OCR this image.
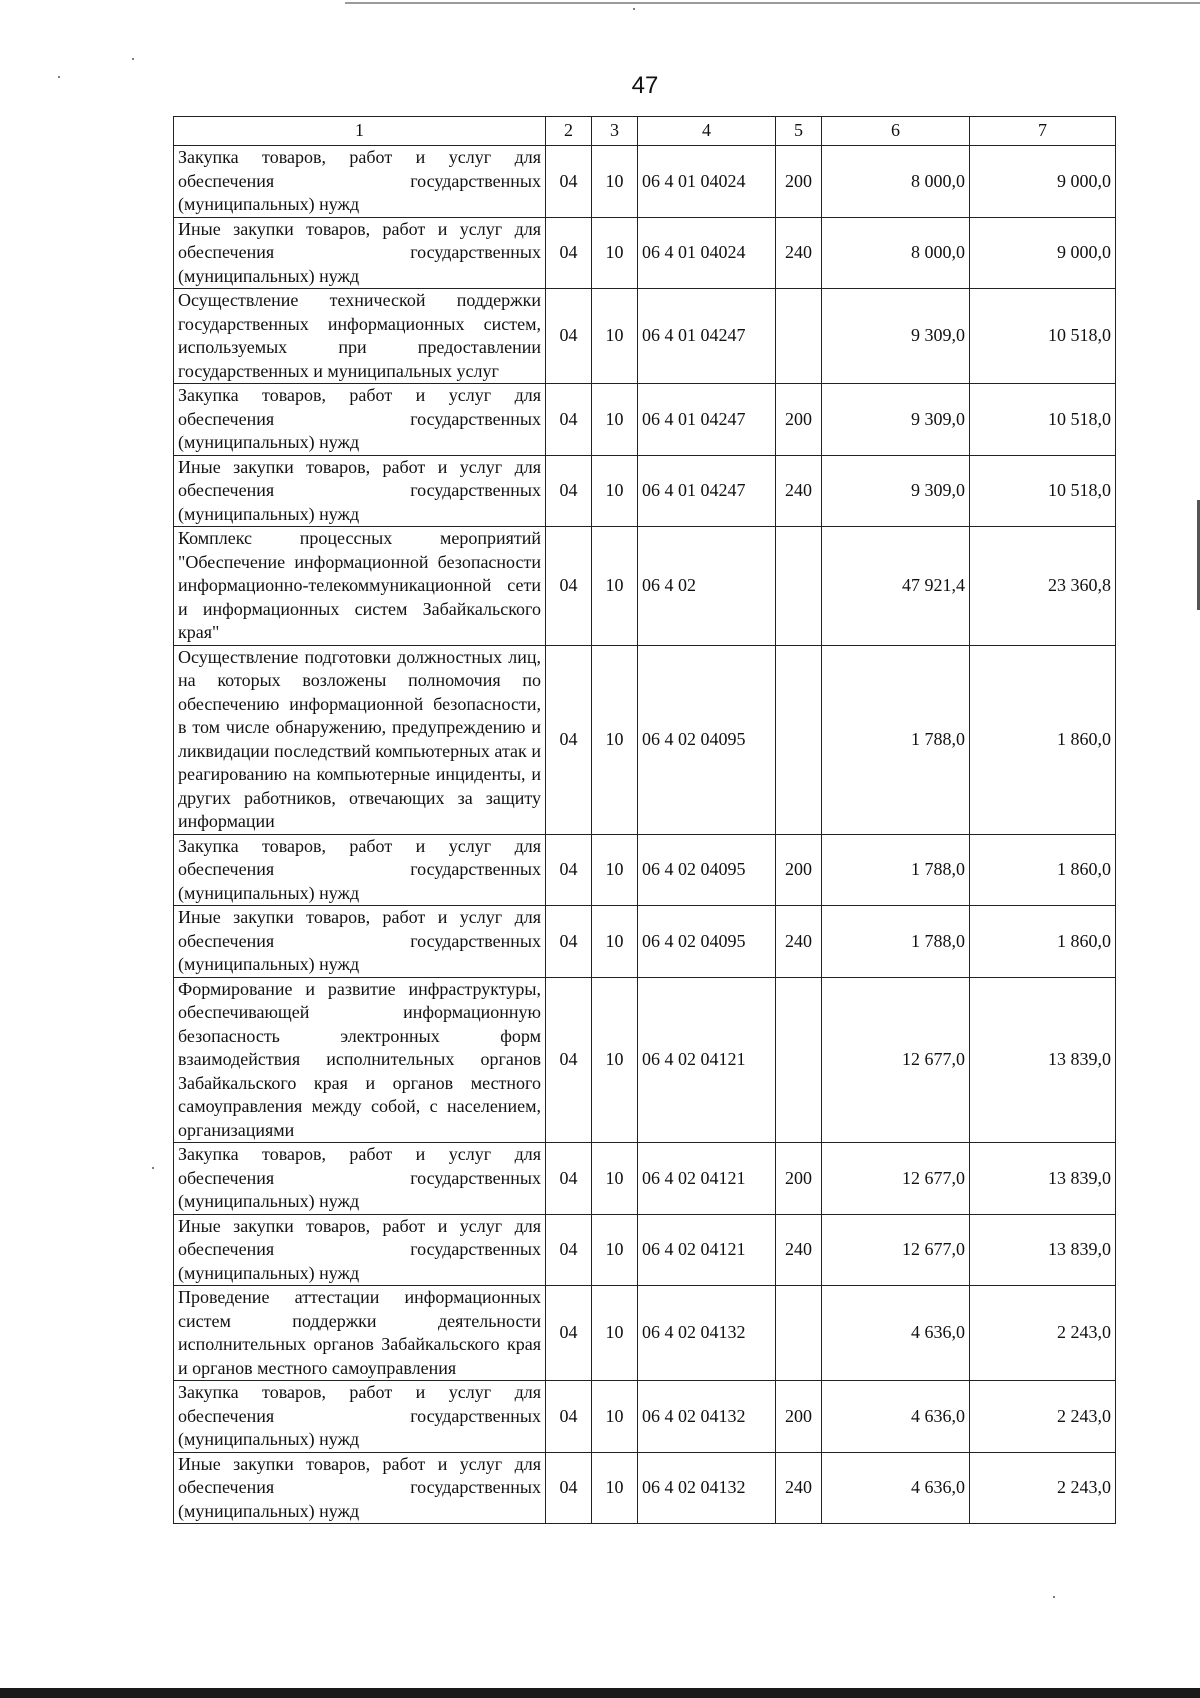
47
1	2	3	4	5	6	7
Закупка товаров, работ и услуг для обеспечения государственных (муниципальных) нужд	04	10	06 4 01 04024	200	8 000,0	9 000,0
Иные закупки товаров, работ и услуг для обеспечения государственных (муниципальных) нужд	04	10	06 4 01 04024	240	8 000,0	9 000,0
Осуществление технической поддержки государственных информационных систем, используемых при предоставлении государственных и муниципальных услуг	04	10	06 4 01 04247		9 309,0	10 518,0
Закупка товаров, работ и услуг для обеспечения государственных (муниципальных) нужд	04	10	06 4 01 04247	200	9 309,0	10 518,0
Иные закупки товаров, работ и услуг для обеспечения государственных (муниципальных) нужд	04	10	06 4 01 04247	240	9 309,0	10 518,0
Комплекс процессных мероприятий "Обеспечение информационной безопасности информационно-телекоммуникационной сети и информационных систем Забайкальского края"	04	10	06 4 02		47 921,4	23 360,8
Осуществление подготовки должностных лиц, на которых возложены полномочия по обеспечению информационной безопасности, в том числе обнаружению, предупреждению и ликвидации последствий компьютерных атак и реагированию на компьютерные инциденты, и других работников, отвечающих за защиту информации	04	10	06 4 02 04095		1 788,0	1 860,0
Закупка товаров, работ и услуг для обеспечения государственных (муниципальных) нужд	04	10	06 4 02 04095	200	1 788,0	1 860,0
Иные закупки товаров, работ и услуг для обеспечения государственных (муниципальных) нужд	04	10	06 4 02 04095	240	1 788,0	1 860,0
Формирование и развитие инфраструктуры, обеспечивающей информационную безопасность электронных форм взаимодействия исполнительных органов Забайкальского края и органов местного самоуправления между собой, с населением, организациями	04	10	06 4 02 04121		12 677,0	13 839,0
Закупка товаров, работ и услуг для обеспечения государственных (муниципальных) нужд	04	10	06 4 02 04121	200	12 677,0	13 839,0
Иные закупки товаров, работ и услуг для обеспечения государственных (муниципальных) нужд	04	10	06 4 02 04121	240	12 677,0	13 839,0
Проведение аттестации информационных систем поддержки деятельности исполнительных органов Забайкальского края и органов местного самоуправления	04	10	06 4 02 04132		4 636,0	2 243,0
Закупка товаров, работ и услуг для обеспечения государственных (муниципальных) нужд	04	10	06 4 02 04132	200	4 636,0	2 243,0
Иные закупки товаров, работ и услуг для обеспечения государственных (муниципальных) нужд	04	10	06 4 02 04132	240	4 636,0	2 243,0
